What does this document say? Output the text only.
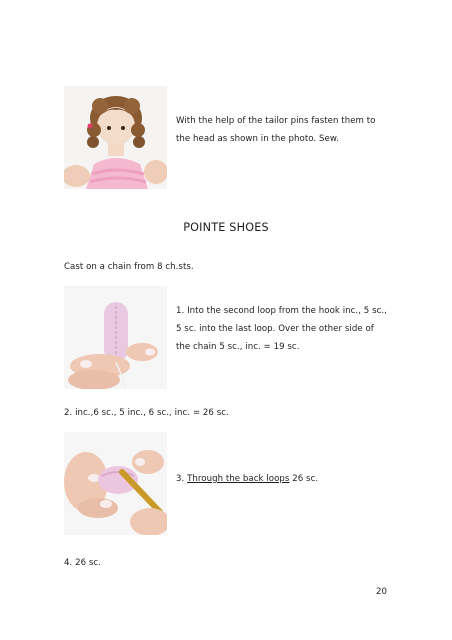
With the help of the tailor pins fasten them to
the head as shown in the photo. Sew.
POINTE SHOES
Cast on a chain from 8 ch.sts.
1. Into the second loop from the hook inc., 5 sc.,
5 sc. into the last loop. Over the other side of
the chain 5 sc., inc. = 19 sc.
2. inc.,6 sc., 5 inc., 6 sc., inc. = 26 sc.
3. Through the back loops 26 sc.
4. 26 sc.
20
